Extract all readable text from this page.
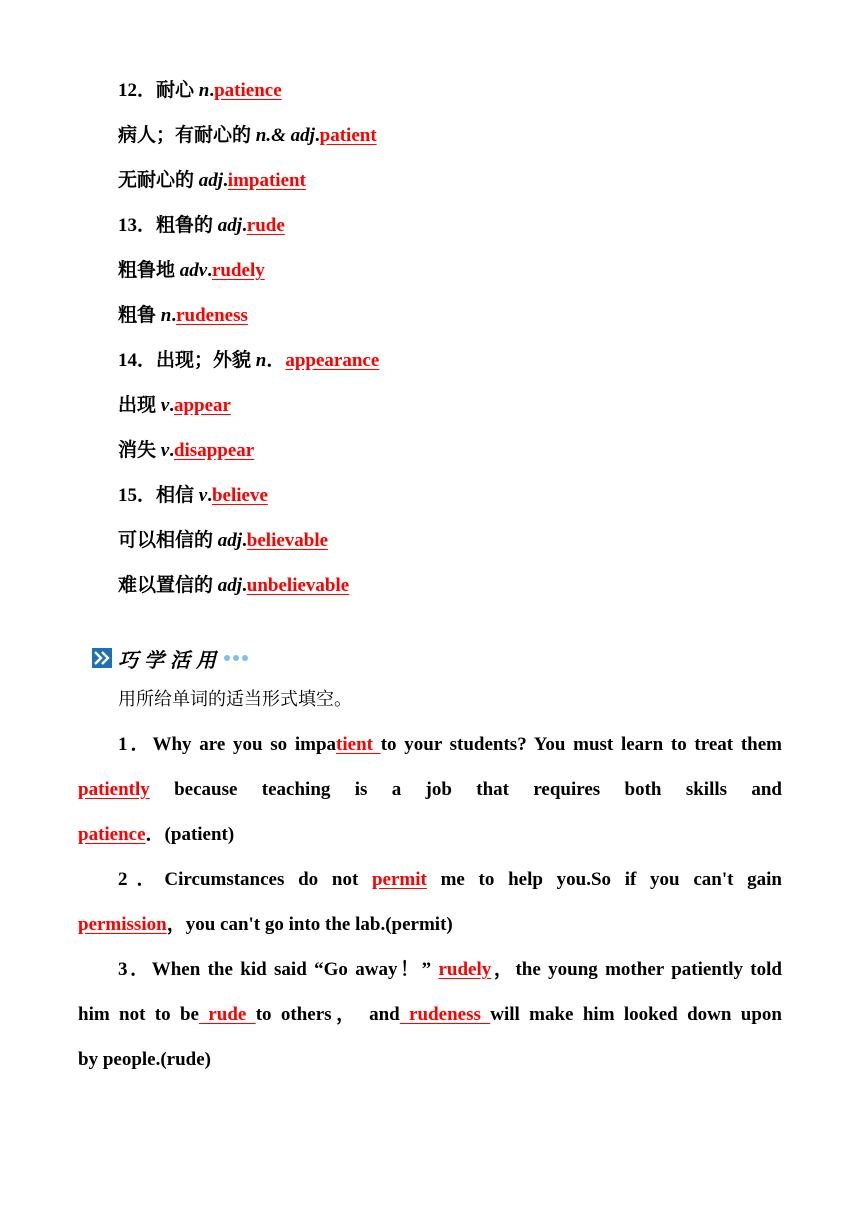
12．耐心 n.patience
病人；有耐心的 n.& adj.patient
无耐心的 adj.impatient
13．粗鲁的 adj.rude
粗鲁地 adv.rudely
粗鲁 n.rudeness
14．出现；外貌 n．appearance
出现 v.appear
消失 v.disappear
15．相信 v.believe
可以相信的 adj.believable
难以置信的 adj.unbelievable
巧学活用
用所给单词的适当形式填空。
1．Why are you so impatient to your students? You must learn to treat them
patiently because teaching is a job that requires both skills and
patience．(patient)
2．Circumstances do not permit me to help you.So if you can't gain
permission，you can't go into the lab.(permit)
3．When the kid said “Go away！” rudely，the young mother patiently told
him not to be rude to others， and rudeness will make him looked down upon
by people.(rude)
